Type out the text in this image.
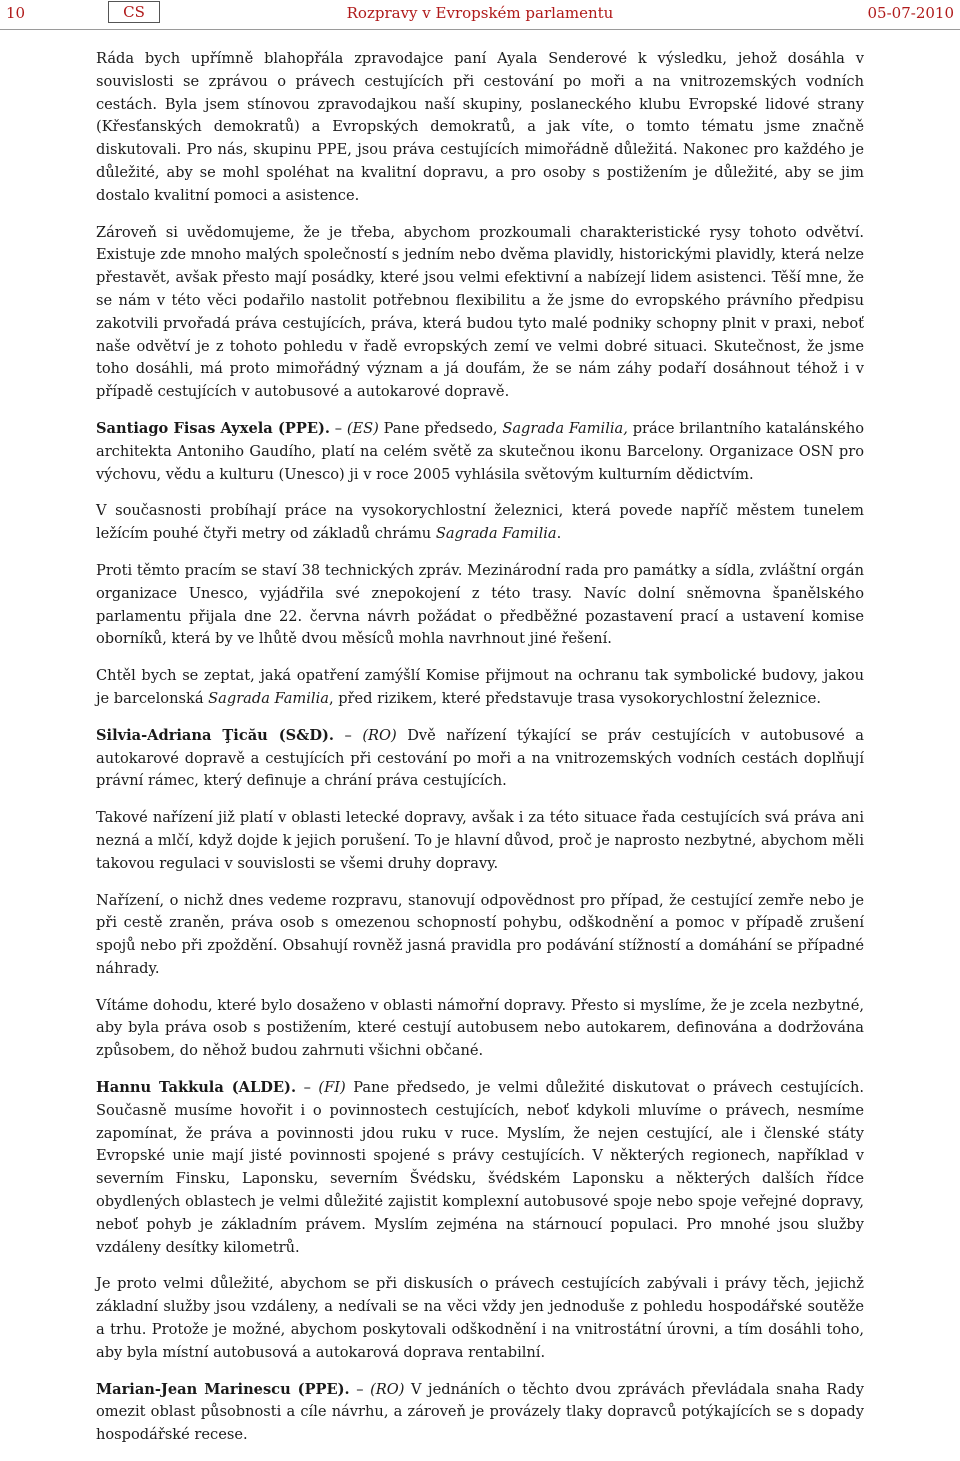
10	CS	Rozpravy v Evropském parlamentu	05-07-2010

Ráda bych upřímně blahopřála zpravodajce paní Ayala Senderové k výsledku, jehož dosáhla v souvislosti se zprávou o právech cestujících při cestování po moři a na vnitrozemských vodních cestách. Byla jsem stínovou zpravodajkou naší skupiny, poslaneckého klubu Evropské lidové strany (Křesťanských demokratů) a Evropských demokratů, a jak víte, o tomto tématu jsme značně diskutovali. Pro nás, skupinu PPE, jsou práva cestujících mimořádně důležitá. Nakonec pro každého je důležité, aby se mohl spoléhat na kvalitní dopravu, a pro osoby s postižením je důležité, aby se jim dostalo kvalitní pomoci a asistence.

Zároveň si uvědomujeme, že je třeba, abychom prozkoumali charakteristické rysy tohoto odvětví. Existuje zde mnoho malých společností s jedním nebo dvěma plavidly, historickými plavidly, která nelze přestavět, avšak přesto mají posádky, které jsou velmi efektivní a nabízejí lidem asistenci. Těší mne, že se nám v této věci podařilo nastolit potřebnou flexibilitu a že jsme do evropského právního předpisu zakotvili prvořadá práva cestujících, práva, která budou tyto malé podniky schopny plnit v praxi, neboť naše odvětví je z tohoto pohledu v řadě evropských zemí ve velmi dobré situaci. Skutečnost, že jsme toho dosáhli, má proto mimořádný význam a já doufám, že se nám záhy podaří dosáhnout téhož i v případě cestujících v autobusové a autokarové dopravě.

Santiago Fisas Ayxela (PPE). – (ES) Pane předsedo, Sagrada Familia, práce brilantního katalánského architekta Antoniho Gaudího, platí na celém světě za skutečnou ikonu Barcelony. Organizace OSN pro výchovu, vědu a kulturu (Unesco) ji v roce 2005 vyhlásila světovým kulturním dědictvím.

V současnosti probíhají práce na vysokorychlostní železnici, která povede napříč městem tunelem ležícím pouhé čtyři metry od základů chrámu Sagrada Familia.

Proti těmto pracím se staví 38 technických zpráv. Mezinárodní rada pro památky a sídla, zvláštní orgán organizace Unesco, vyjádřila své znepokojení z této trasy. Navíc dolní sněmovna španělského parlamentu přijala dne 22. června návrh požádat o předběžné pozastavení prací a ustavení komise oborníků, která by ve lhůtě dvou měsíců mohla navrhnout jiné řešení.

Chtěl bych se zeptat, jaká opatření zamýšlí Komise přijmout na ochranu tak symbolické budovy, jakou je barcelonská Sagrada Familia, před rizikem, které představuje trasa vysokorychlostní železnice.

Silvia-Adriana Ţicău (S&D). – (RO) Dvě nařízení týkající se práv cestujících v autobusové a autokarové dopravě a cestujících při cestování po moři a na vnitrozemských vodních cestách doplňují právní rámec, který definuje a chrání práva cestujících.

Takové nařízení již platí v oblasti letecké dopravy, avšak i za této situace řada cestujících svá práva ani nezná a mlčí, když dojde k jejich porušení. To je hlavní důvod, proč je naprosto nezbytné, abychom měli takovou regulaci v souvislosti se všemi druhy dopravy.

Nařízení, o nichž dnes vedeme rozpravu, stanovují odpovědnost pro případ, že cestující zemře nebo je při cestě zraněn, práva osob s omezenou schopností pohybu, odškodnění a pomoc v případě zrušení spojů nebo při zpoždění. Obsahují rovněž jasná pravidla pro podávání stížností a domáhání se případné náhrady.

Vítáme dohodu, které bylo dosaženo v oblasti námořní dopravy. Přesto si myslíme, že je zcela nezbytné, aby byla práva osob s postižením, které cestují autobusem nebo autokarem, definována a dodržována způsobem, do něhož budou zahrnuti všichni občané.

Hannu Takkula (ALDE). – (FI) Pane předsedo, je velmi důležité diskutovat o právech cestujících. Současně musíme hovořit i o povinnostech cestujících, neboť kdykoli mluvíme o právech, nesmíme zapomínat, že práva a povinnosti jdou ruku v ruce. Myslím, že nejen cestující, ale i členské státy Evropské unie mají jisté povinnosti spojené s právy cestujících. V některých regionech, například v severním Finsku, Laponsku, severním Švédsku, švédském Laponsku a některých dalších řídce obydlených oblastech je velmi důležité zajistit komplexní autobusové spoje nebo spoje veřejné dopravy, neboť pohyb je základním právem. Myslím zejména na stárnoucí populaci. Pro mnohé jsou služby vzdáleny desítky kilometrů.

Je proto velmi důležité, abychom se při diskusích o právech cestujících zabývali i právy těch, jejichž základní služby jsou vzdáleny, a nedívali se na věci vždy jen jednoduše z pohledu hospodářské soutěže a trhu. Protože je možné, abychom poskytovali odškodnění i na vnitrostátní úrovni, a tím dosáhli toho, aby byla místní autobusová a autokarová doprava rentabilní.

Marian-Jean Marinescu (PPE). – (RO) V jednáních o těchto dvou zprávách převládala snaha Rady omezit oblast působnosti a cíle návrhu, a zároveň je provázely tlaky dopravců potýkajících se s dopady hospodářské recese.
